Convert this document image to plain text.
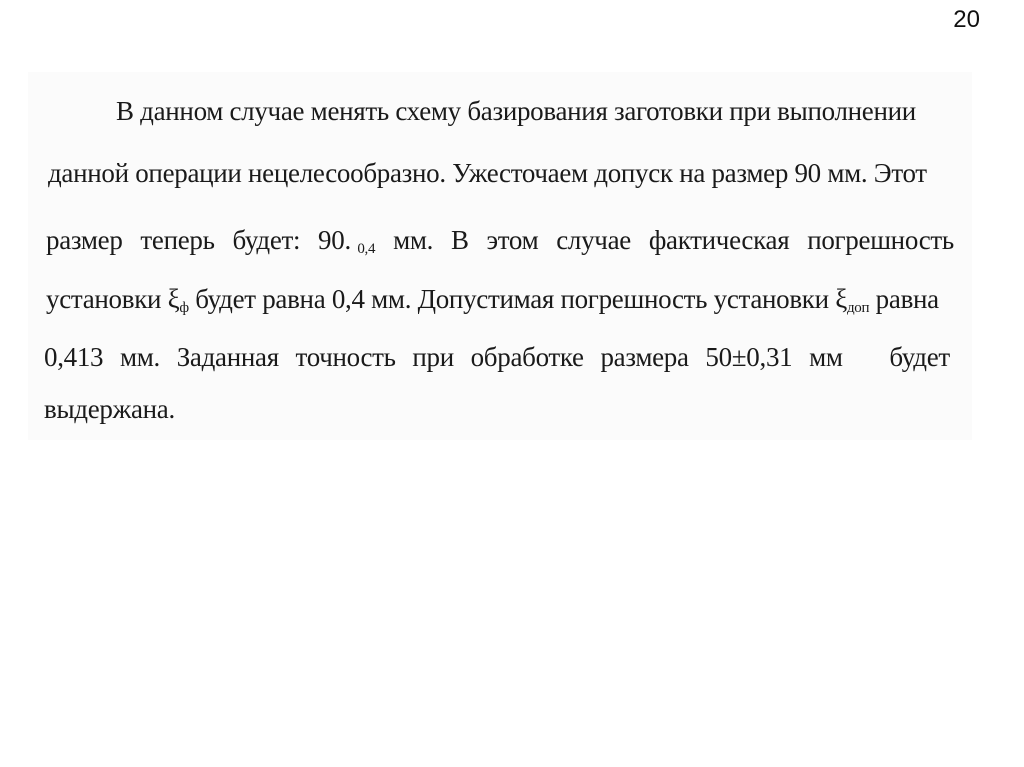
20
В данном случае менять схему базирования заготовки при выполнении
данной операции нецелесообразно. Ужесточаем допуск на размер 90 мм. Этот
размер теперь будет: 90. $_{0,4}$ мм. В этом случае фактическая погрешность
установки $\xi_ф$ будет равна 0,4 мм. Допустимая погрешность установки $\xi_{доп}$ равна
0,413 мм. Заданная точность при обработке размера 50±0,31 мм будет
выдержана.
